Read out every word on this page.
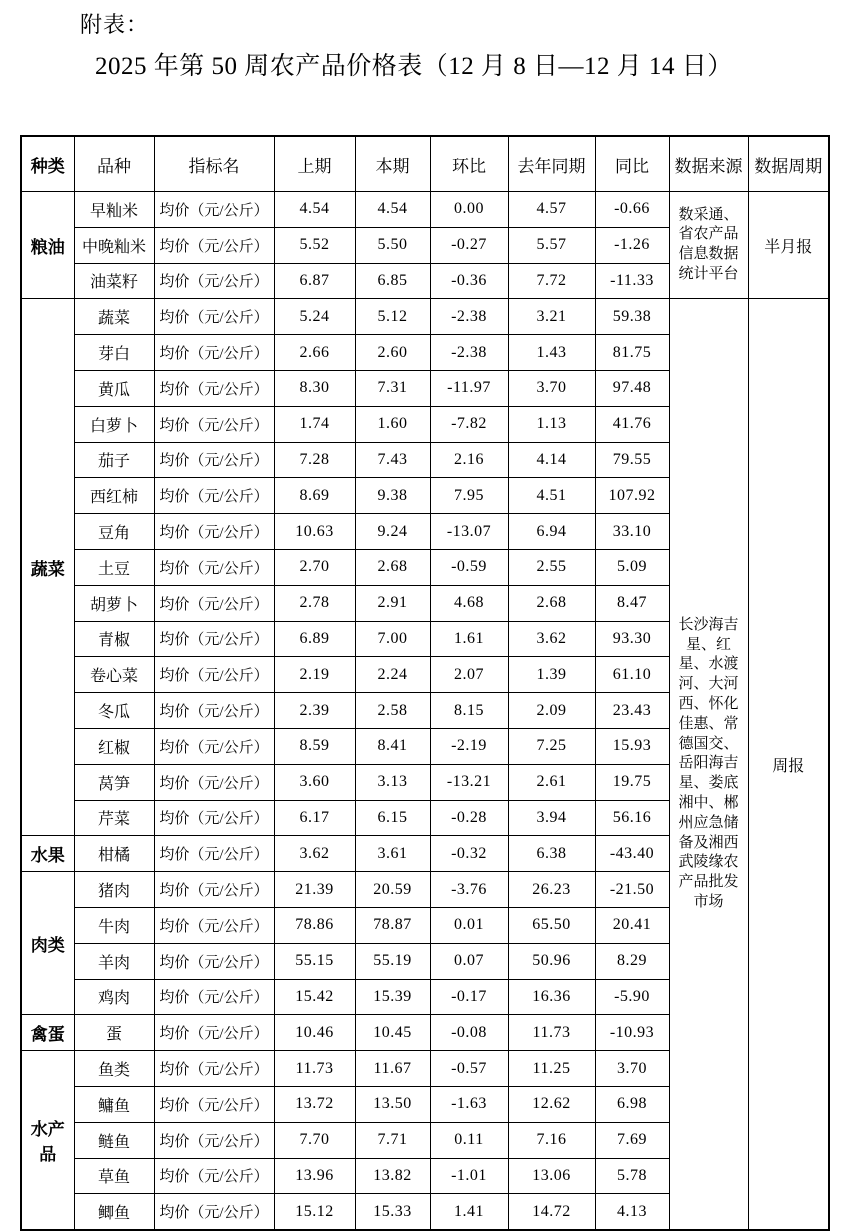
附表：
2025 年第 50 周农产品价格表（12 月 8 日—12 月 14 日）
种类	品种	指标名	上期	本期	环比	去年同期	同比	数据来源	数据周期
粮油	早籼米	均价（元/公斤）	4.54	4.54	0.00	4.57	-0.66	数采通、省农产品信息数据统计平台	半月报
	中晚籼米	均价（元/公斤）	5.52	5.50	-0.27	5.57	-1.26		
	油菜籽	均价（元/公斤）	6.87	6.85	-0.36	7.72	-11.33		
蔬菜	蔬菜	均价（元/公斤）	5.24	5.12	-2.38	3.21	59.38	长沙海吉星、红星、水渡河、大河西、怀化佳惠、常德国交、岳阳海吉星、娄底湘中、郴州应急储备及湘西武陵缘农产品批发市场	周报
	芽白	均价（元/公斤）	2.66	2.60	-2.38	1.43	81.75		
	黄瓜	均价（元/公斤）	8.30	7.31	-11.97	3.70	97.48		
	白萝卜	均价（元/公斤）	1.74	1.60	-7.82	1.13	41.76		
	茄子	均价（元/公斤）	7.28	7.43	2.16	4.14	79.55		
	西红柿	均价（元/公斤）	8.69	9.38	7.95	4.51	107.92		
	豆角	均价（元/公斤）	10.63	9.24	-13.07	6.94	33.10		
	土豆	均价（元/公斤）	2.70	2.68	-0.59	2.55	5.09		
	胡萝卜	均价（元/公斤）	2.78	2.91	4.68	2.68	8.47		
	青椒	均价（元/公斤）	6.89	7.00	1.61	3.62	93.30		
	卷心菜	均价（元/公斤）	2.19	2.24	2.07	1.39	61.10		
	冬瓜	均价（元/公斤）	2.39	2.58	8.15	2.09	23.43		
	红椒	均价（元/公斤）	8.59	8.41	-2.19	7.25	15.93		
	莴笋	均价（元/公斤）	3.60	3.13	-13.21	2.61	19.75		
	芹菜	均价（元/公斤）	6.17	6.15	-0.28	3.94	56.16		
水果	柑橘	均价（元/公斤）	3.62	3.61	-0.32	6.38	-43.40		
肉类	猪肉	均价（元/公斤）	21.39	20.59	-3.76	26.23	-21.50		
	牛肉	均价（元/公斤）	78.86	78.87	0.01	65.50	20.41		
	羊肉	均价（元/公斤）	55.15	55.19	0.07	50.96	8.29		
	鸡肉	均价（元/公斤）	15.42	15.39	-0.17	16.36	-5.90		
禽蛋	蛋	均价（元/公斤）	10.46	10.45	-0.08	11.73	-10.93		
水产品	鱼类	均价（元/公斤）	11.73	11.67	-0.57	11.25	3.70		
	鳙鱼	均价（元/公斤）	13.72	13.50	-1.63	12.62	6.98		
	鲢鱼	均价（元/公斤）	7.70	7.71	0.11	7.16	7.69		
	草鱼	均价（元/公斤）	13.96	13.82	-1.01	13.06	5.78		
	鲫鱼	均价（元/公斤）	15.12	15.33	1.41	14.72	4.13		
